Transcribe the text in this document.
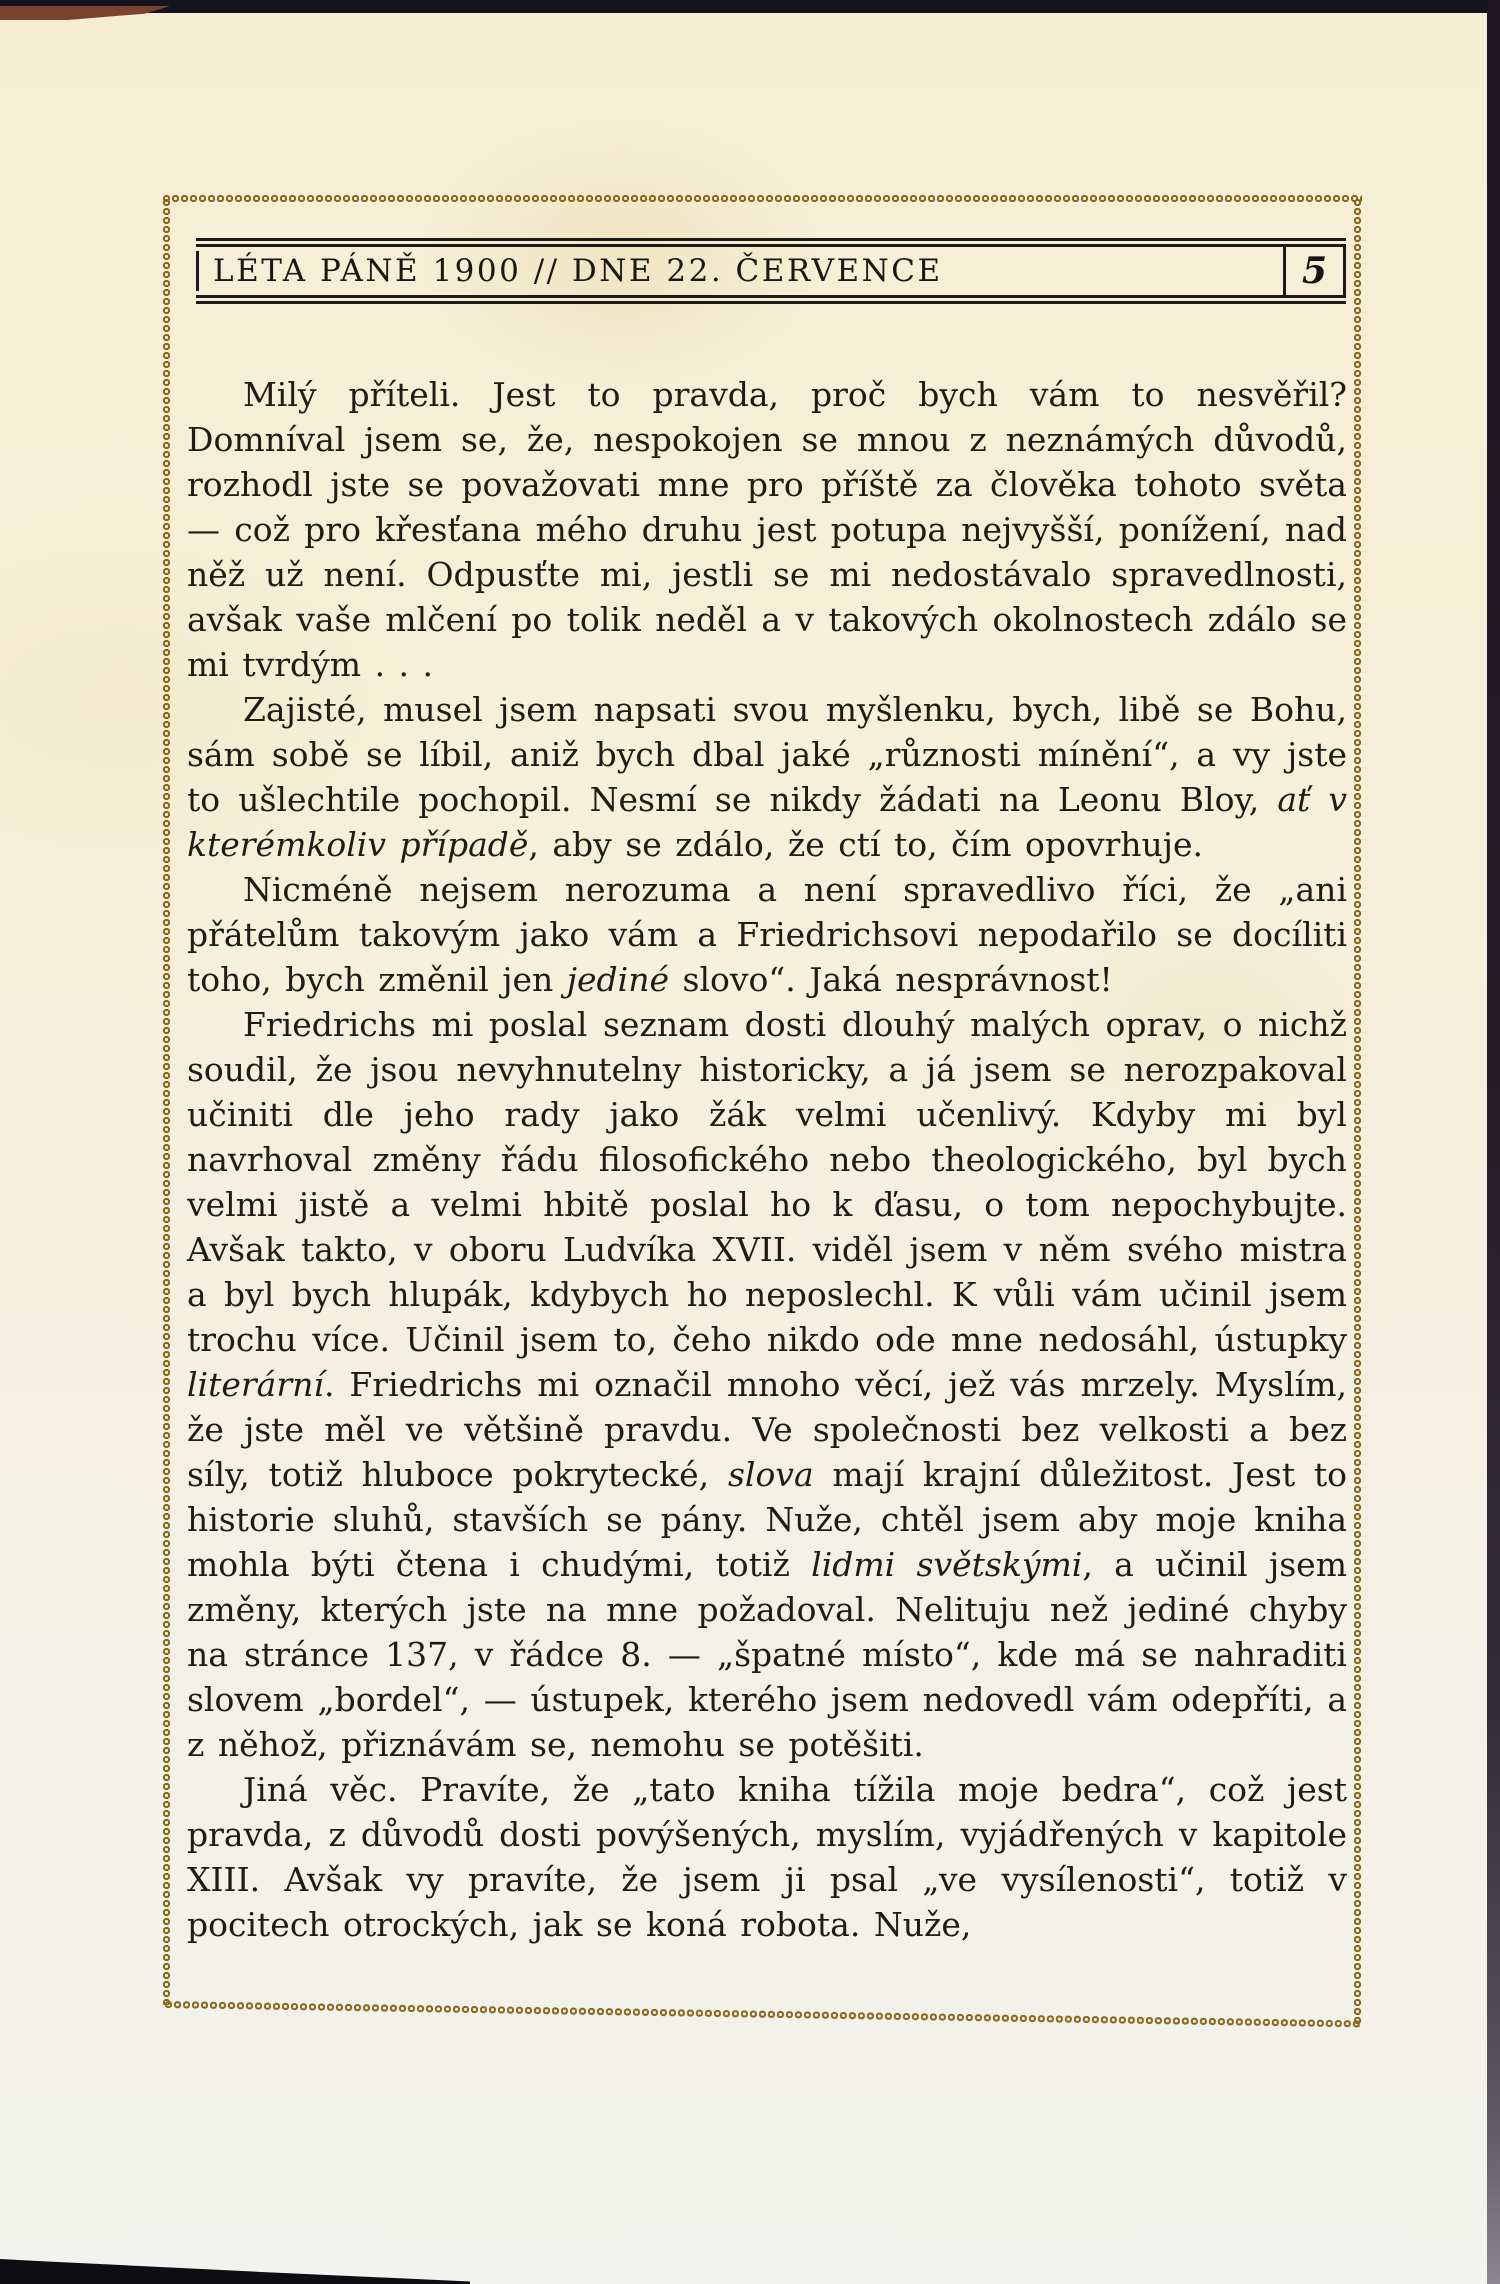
LÉTA PÁNĚ 1900 // DNE 22. ČERVENCE	5

Milý příteli. Jest to pravda, proč bych vám to nesvěřil? Domníval jsem se, že, nespokojen se mnou z neznámých důvodů, rozhodl jste se považovati mne pro příště za člověka tohoto světa — což pro křesťana mého druhu jest potupa nejvyšší, ponížení, nad něž už není. Odpusťte mi, jestli se mi nedostávalo spravedlnosti, avšak vaše mlčení po tolik neděl a v takových okolnostech zdálo se mi tvrdým . . .

Zajisté, musel jsem napsati svou myšlenku, bych, libě se Bohu, sám sobě se líbil, aniž bych dbal jaké „různosti mínění“, a vy jste to ušlechtile pochopil. Nesmí se nikdy žádati na Leonu Bloy, ať v kterémkoliv případě, aby se zdálo, že ctí to, čím opovrhuje.

Nicméně nejsem nerozuma a není spravedlivo říci, že „ani přátelům takovým jako vám a Friedrichsovi nepodařilo se docíliti toho, bych změnil jen jediné slovo“. Jaká nesprávnost!

Friedrichs mi poslal seznam dosti dlouhý malých oprav, o nichž soudil, že jsou nevyhnutelny historicky, a já jsem se nerozpakoval učiniti dle jeho rady jako žák velmi učenlivý. Kdyby mi byl navrhoval změny řádu filosofického nebo theologického, byl bych velmi jistě a velmi hbitě poslal ho k ďasu, o tom nepochybujte. Avšak takto, v oboru Ludvíka XVII. viděl jsem v něm svého mistra a byl bych hlupák, kdybych ho neposlechl. K vůli vám učinil jsem trochu více. Učinil jsem to, čeho nikdo ode mne nedosáhl, ústupky literární. Friedrichs mi označil mnoho věcí, jež vás mrzely. Myslím, že jste měl ve většině pravdu. Ve společnosti bez velkosti a bez síly, totiž hluboce pokrytecké, slova mají krajní důležitost. Jest to historie sluhů, stavších se pány. Nuže, chtěl jsem aby moje kniha mohla býti čtena i chudými, totiž lidmi světskými, a učinil jsem změny, kterých jste na mne požadoval. Nelituju než jediné chyby na stránce 137, v řádce 8. — „špatné místo“, kde má se nahraditi slovem „bordel“, — ústupek, kterého jsem nedovedl vám odepříti, a z něhož, přiznávám se, nemohu se potěšiti.

Jiná věc. Pravíte, že „tato kniha tížila moje bedra“, což jest pravda, z důvodů dosti povýšených, myslím, vyjádřených v kapitole XIII. Avšak vy pravíte, že jsem ji psal „ve vysílenosti“, totiž v pocitech otrockých, jak se koná robota. Nuže,
